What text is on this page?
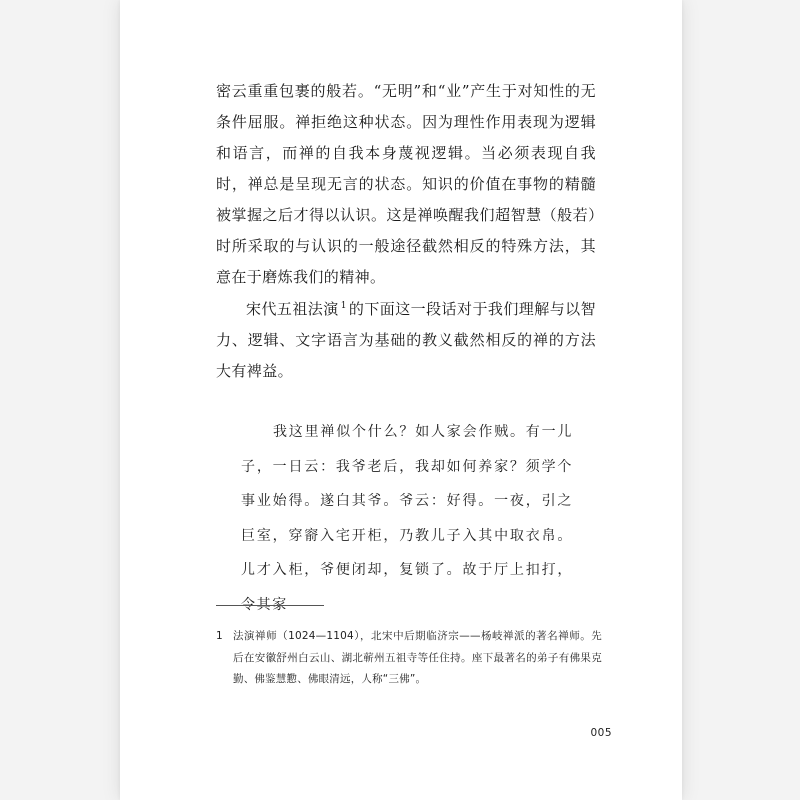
密云重重包裹的般若。“无明”和“业”产生于对知性的无条件屈服。禅拒绝这种状态。因为理性作用表现为逻辑和语言，而禅的自我本身蔑视逻辑。当必须表现自我时，禅总是呈现无言的状态。知识的价值在事物的精髓被掌握之后才得以认识。这是禅唤醒我们超智慧（般若）时所采取的与认识的一般途径截然相反的特殊方法，其意在于磨炼我们的精神。

宋代五祖法演 $^1$ 的下面这一段话对于我们理解与以智力、逻辑、文字语言为基础的教义截然相反的禅的方法大有裨益。

我这里禅似个什么？如人家会作贼。有一儿子，一日云：我爷老后，我却如何养家？须学个事业始得。遂白其爷。爷云：好得。一夜，引之巨室，穿窬入宅开柜，乃教儿子入其中取衣帛。儿才入柜，爷便闭却，复锁了。故于厅上扣打，令其家

1 法演禅师（1024—1104），北宋中后期临济宗——杨岐禅派的著名禅师。先后在安徽舒州白云山、湖北蕲州五祖寺等任住持。座下最著名的弟子有佛果克勤、佛鉴慧懃、佛眼清远，人称“三佛”。
005
